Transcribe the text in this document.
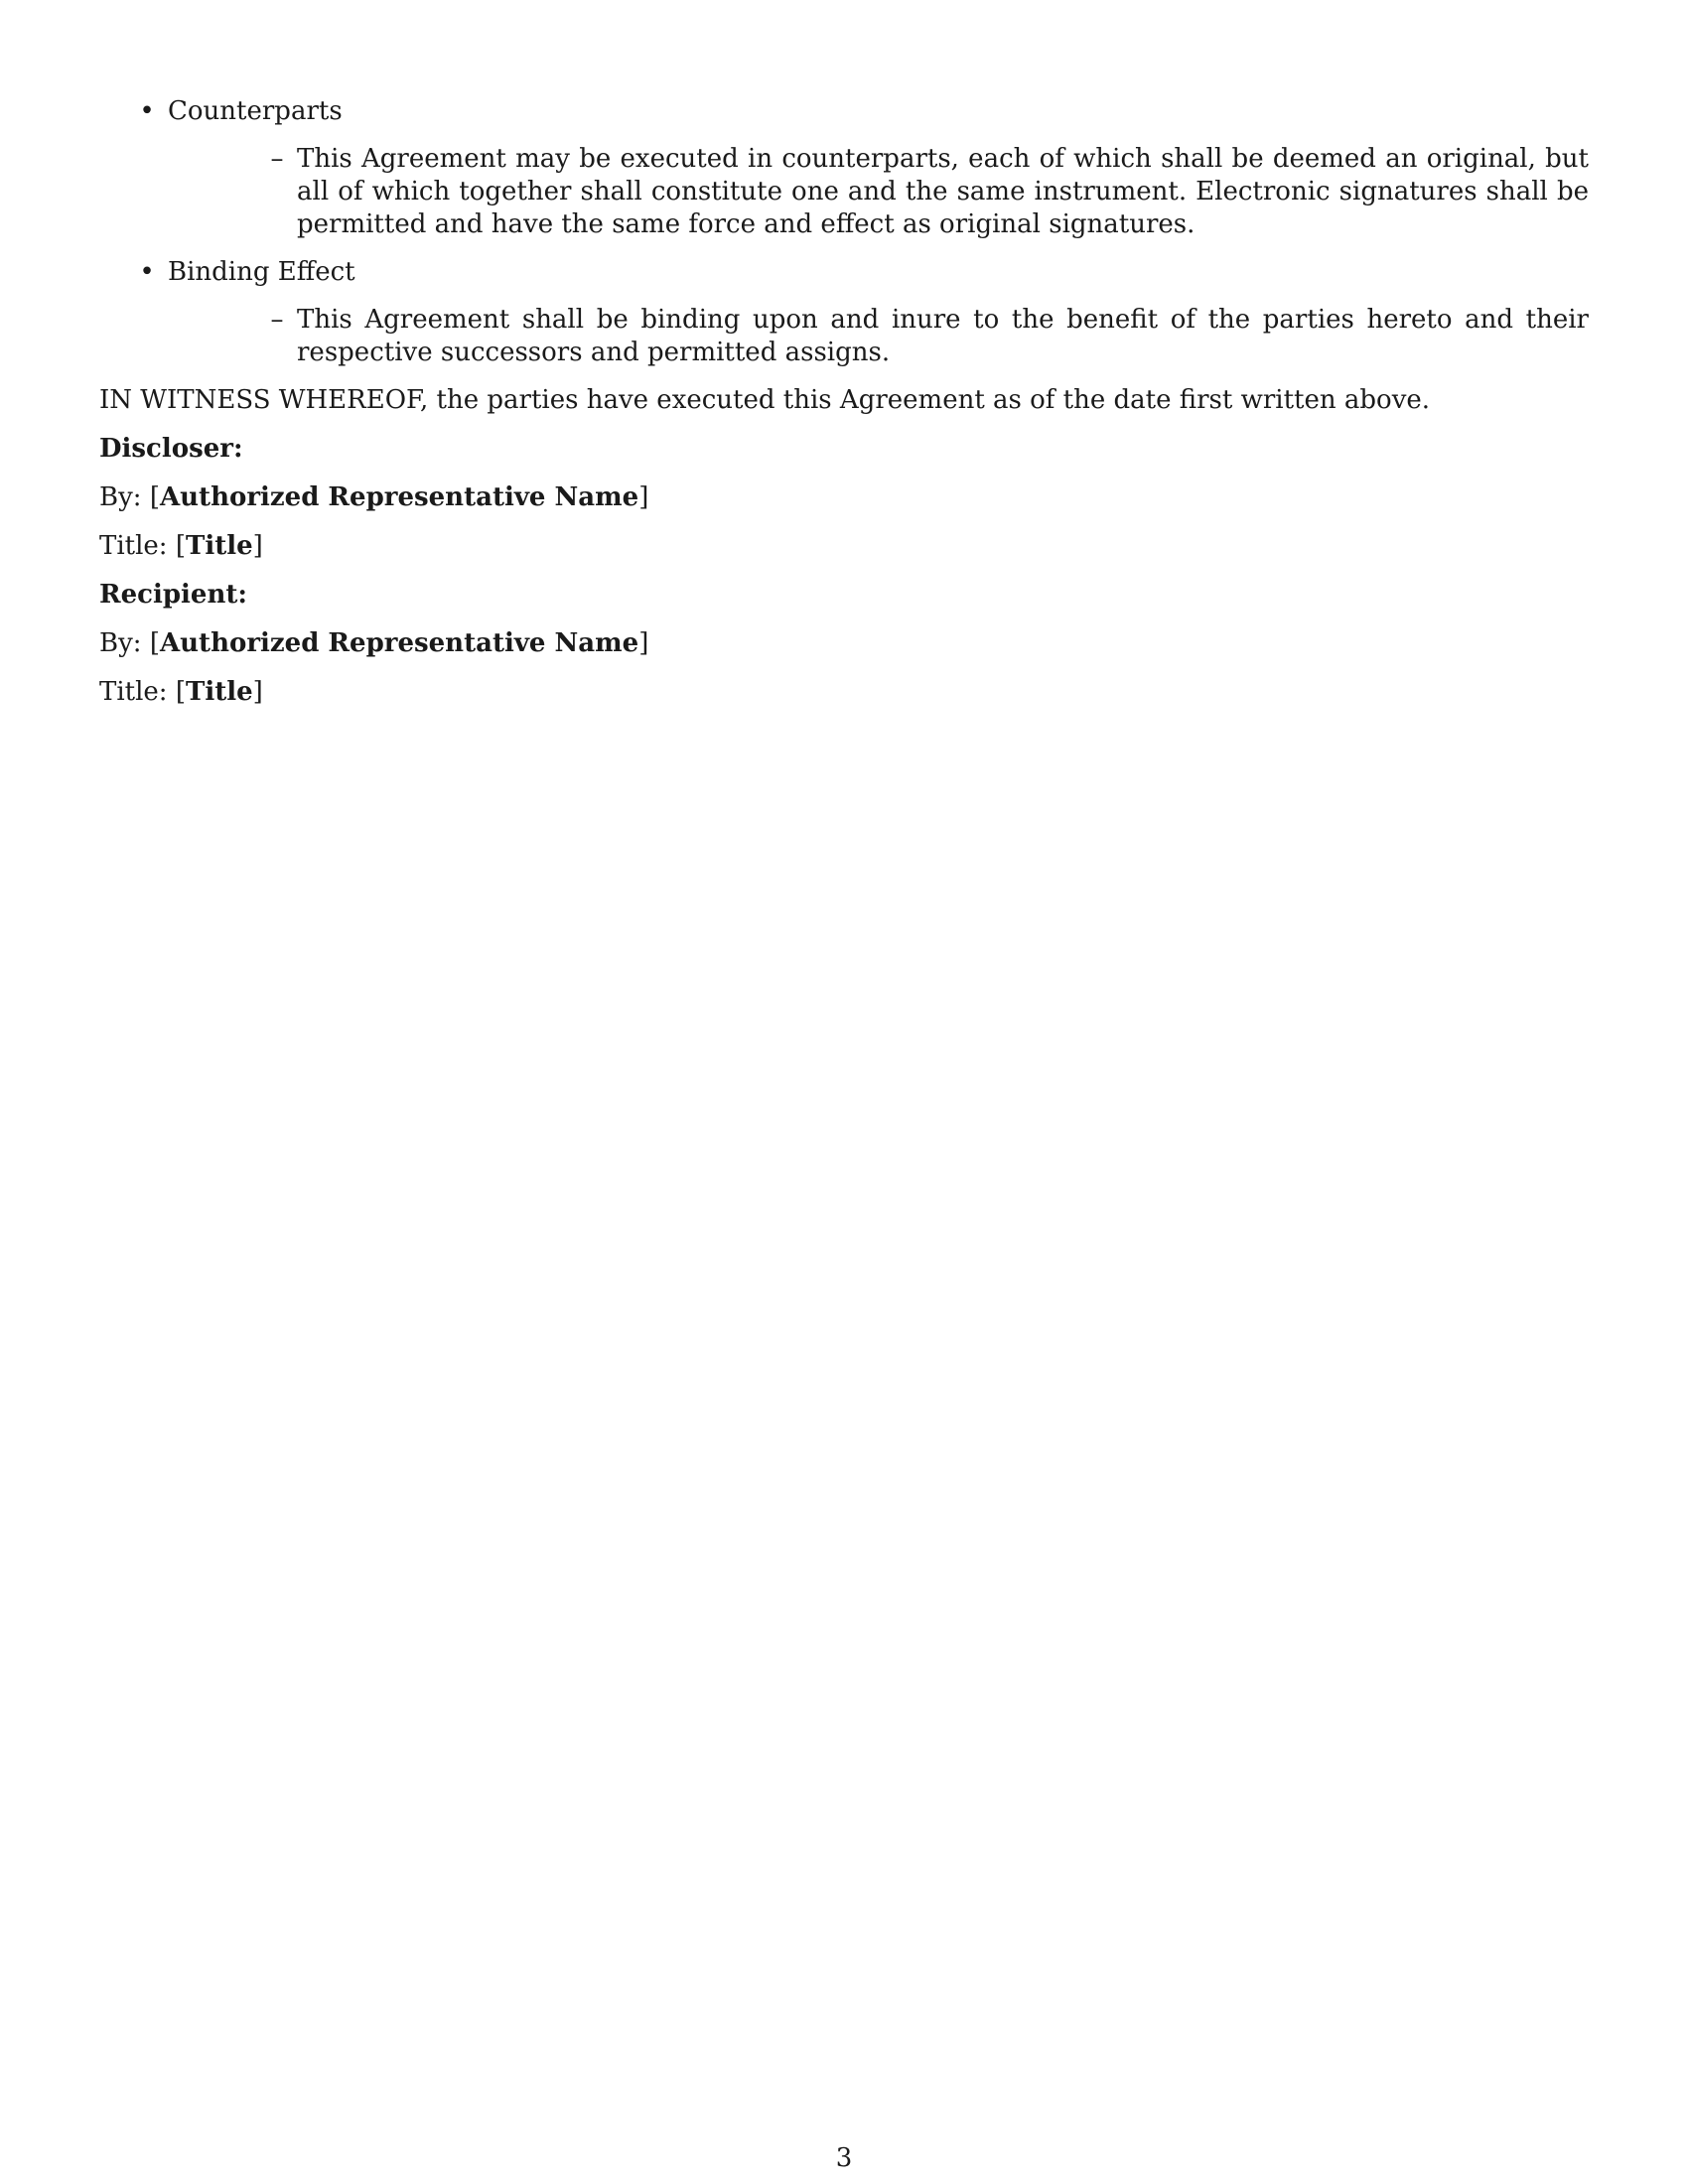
• Counterparts
– This Agreement may be executed in counterparts, each of which shall be deemed an original, but all of which together shall constitute one and the same instrument. Electronic signatures shall be permitted and have the same force and effect as original signatures.
• Binding Effect
– This Agreement shall be binding upon and inure to the benefit of the parties hereto and their respective successors and permitted assigns.

IN WITNESS WHEREOF, the parties have executed this Agreement as of the date first written above.

Discloser:

By: [Authorized Representative Name]

Title: [Title]

Recipient:

By: [Authorized Representative Name]

Title: [Title]

3
